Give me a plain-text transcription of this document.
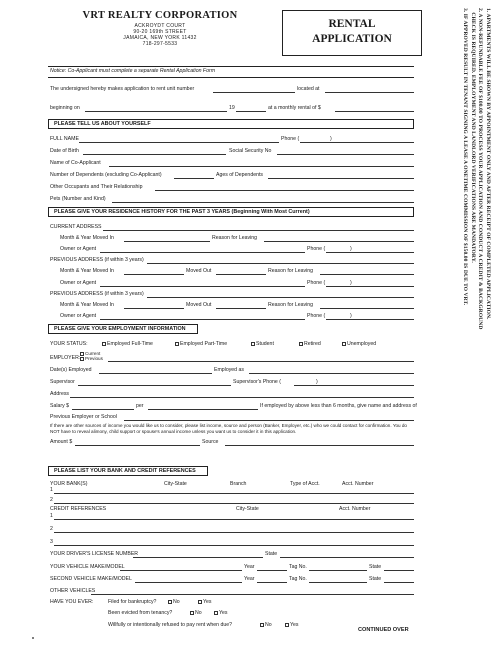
VRT REALTY CORPORATION
ACKROYDT COURT
90-20 169th STREET
JAMAICA, NEW YORK 11432
718-297-5533
RENTAL
APPLICATION	1. APARTMENTS WILL BE SHOWN BY APPOINTMENT ONLY AND AFTER RECEIPT OF COMPLETED APPLICATION.
2. A NON-REFUNDABLE FEE OF $100.00 TO PROCESS YOUR APPLICATION AND CONDUCT A CREDIT & BACKGROUND
CHECK IS REQUIRED. EMPLOYMENT AND LANDLORD VERIFICATIONS ARE MANDATORY.
3. IF APPROVED RESULT IN TENANT SIGNING A LEASE A ONETIME COMMISSION OF $150.00 IS DUE TO VRT.
Notice: Co-Applicant must complete a separate Rental Application Form
The undersigned hereby makes application to rent unit number	located at
beginning on	19	at a monthly rental of $
PLEASE TELL US ABOUT YOURSELF
FULL NAME	Phone (	)
Date of Birth	Social Security No
Name of Co-Applicant
Number of Dependents (excluding Co-Applicant)	Ages of Dependents
Other Occupants and Their Relationship
Pets (Number and Kind)
PLEASE GIVE YOUR RESIDENCE HISTORY FOR THE PAST 3 YEARS (Beginning With Most Current)
CURRENT ADDRESS
Month & Year Moved In	Reason for Leaving
Owner or Agent	Phone (	)
PREVIOUS ADDRESS (if within 3 years)
Month & Year Moved In	Moved Out	Reason for Leaving
Owner or Agent	Phone (	)
PREVIOUS ADDRESS (if within 3 years)
Month & Year Moved In	Moved Out	Reason for Leaving
Owner or Agent	Phone (	)
PLEASE GIVE YOUR EMPLOYMENT INFORMATION
YOUR STATUS:	Employed Full-Time	Employed Part-Time	Student	Retired	Unemployed
EMPLOYER:
Current
Previous
Date(s) Employed	Employed as
Supervisor	Supervisor's Phone (	)
Address
Salary $	per	If employed by above less than 6 months, give name and address of
Previous Employer or School
If there are other sources of income you would like us to consider, please list income, source and person (Banker, Employer, etc.) who we could contact for confirmation. You do NOT have to reveal alimony, child support or spouse's annual income unless you want us to consider it in this application.
Amount $	Source
PLEASE LIST YOUR BANK AND CREDIT REFERENCES
YOUR BANK(S)	City-State	Branch	Type of Acct.	Acct. Number
1
2
CREDIT REFERENCES	City-State	Acct. Number
1
2
3
YOUR DRIVER'S LICENSE NUMBER	State
YOUR VEHICLE MAKE/MODEL	Year	Tag No.	State
SECOND VEHICLE MAKE/MODEL	Year	Tag No.	State
OTHER VEHICLES
HAVE YOU EVER:	Filed for bankruptcy?	No	Yes
Been evicted from tenancy?	No	Yes
Willfully or intentionally refused to pay rent when due?	No	Yes
CONTINUED OVER
